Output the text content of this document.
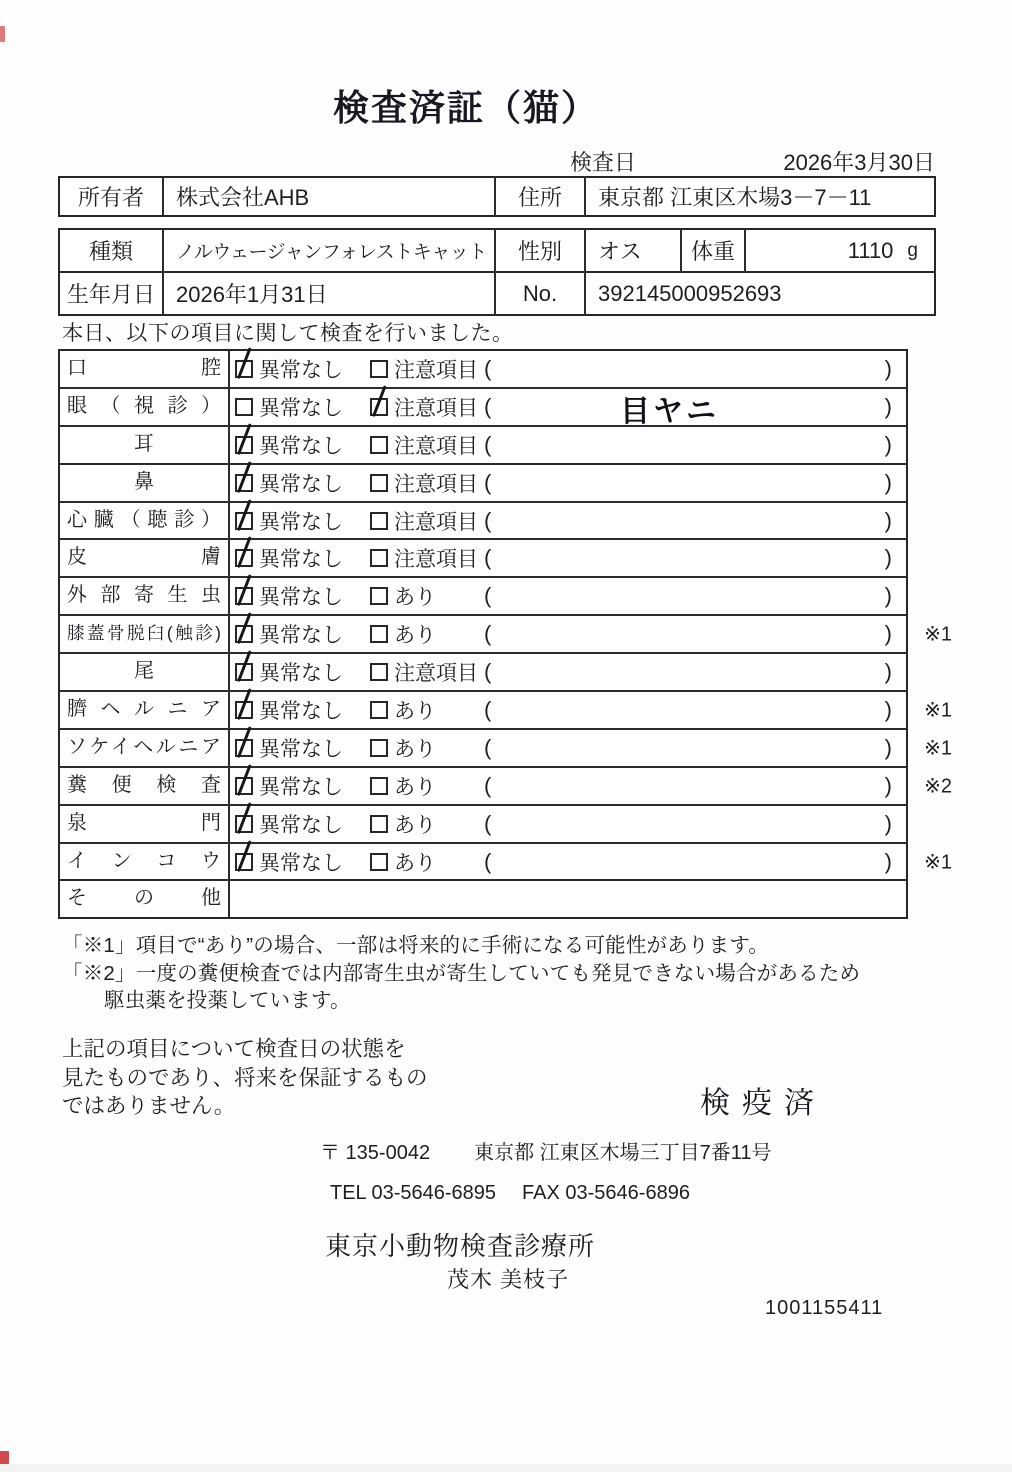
検査済証（猫）
検査日	2026年3月30日
所有者	株式会社AHB	住所	東京都 江東区木場3－7－11
種類	ノルウェージャンフォレストキャット	性別	オス	体重	1110 g
生年月日 2026年1月31日	No.	392145000952693
本日、以下の項目に関して検査を行いました。
口腔	異常なし 注意項目 (	)
眼（視診）	異常なし 注意項目 (	目ヤニ	)
耳	異常なし 注意項目 (	)
鼻	異常なし 注意項目 (	)
心臓（聴診）	異常なし 注意項目 (	)
皮膚	異常なし 注意項目 (	)
外部寄生虫	異常なし あり (	)
膝蓋骨脱臼(触診)	異常なし あり (	) ※1
尾	異常なし 注意項目 (	)
臍ヘルニア	異常なし あり (	) ※1
ソケイヘルニア	異常なし あり (	) ※1
糞便検査	異常なし あり (	) ※2
泉門	異常なし あり (	)
インコウ	異常なし あり (	) ※1
その他
「※1」項目で“あり”の場合、一部は将来的に手術になる可能性があります。
「※2」一度の糞便検査では内部寄生虫が寄生していても発見できない場合があるため
駆虫薬を投薬しています。
上記の項目について検査日の状態を
見たものであり、将来を保証するもの
ではありません。	検疫済
〒 135-0042 東京都 江東区木場三丁目7番11号
TEL 03-5646-6895 FAX 03-5646-6896
東京小動物検査診療所
茂木 美枝子
1001155411
